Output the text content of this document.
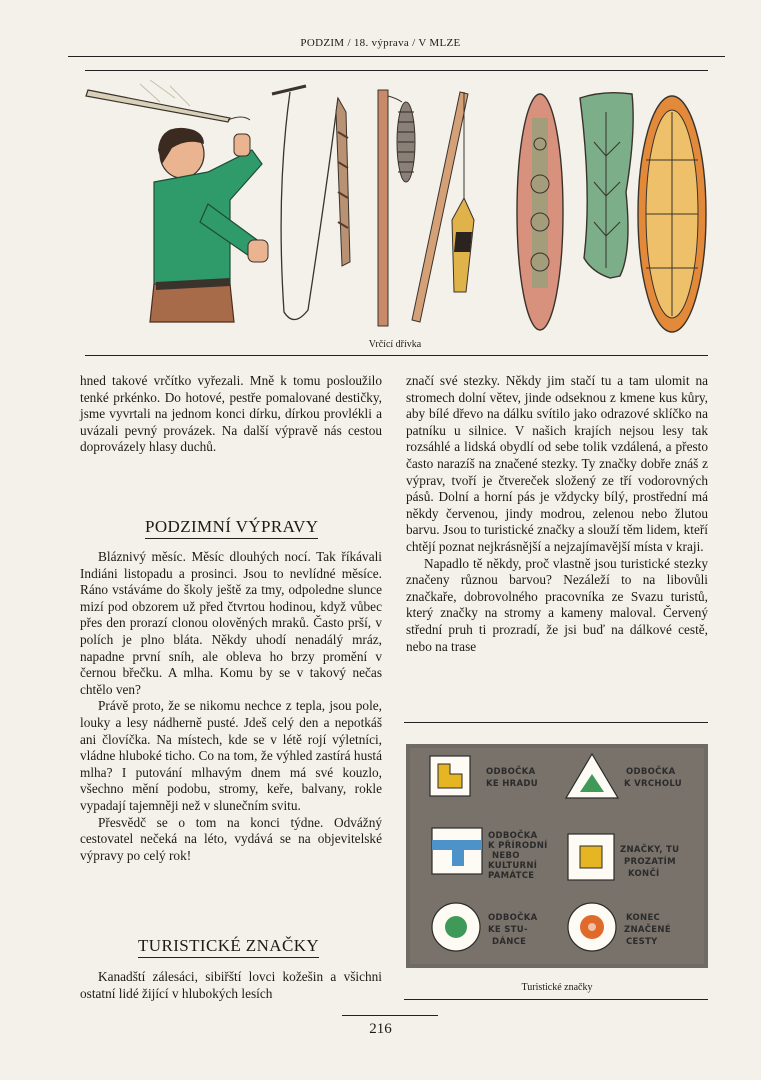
PODZIM / 18. výprava / V MLZE
Vrčící dřívka

hned takové vrčítko vyřezali. Mně k tomu posloužilo tenké prkénko. Do hotové, pestře pomalované destičky, jsme vyvrtali na jednom konci dírku, dírkou provlékli a uvázali pevný provázek. Na další výpravě nás cestou doprovázely hlasy duchů.

PODZIMNÍ VÝPRAVY

Bláznivý měsíc. Měsíc dlouhých nocí. Tak říkávali Indiáni listopadu a prosinci. Jsou to nevlídné měsíce. Ráno vstáváme do školy ještě za tmy, odpoledne slunce mizí pod obzorem už před čtvrtou hodinou, když vůbec přes den prorazí clonou olověných mraků. Často prší, v polích je plno bláta. Někdy uhodí nenadálý mráz, napadne první sníh, ale obleva ho brzy promění v černou břečku. A mlha. Komu by se v takový nečas chtělo ven?

Právě proto, že se nikomu nechce z tepla, jsou pole, louky a lesy nádherně pusté. Jdeš celý den a nepotkáš ani človíčka. Na místech, kde se v létě rojí výletníci, vládne hluboké ticho. Co na tom, že výhled zastírá hustá mlha? I putování mlhavým dnem má své kouzlo, všechno mění podobu, stromy, keře, balvany, rokle vypadají tajemněji než v slunečním svitu.

Přesvědč se o tom na konci týdne. Odvážný cestovatel nečeká na léto, vydává se na objevitelské výpravy po celý rok!

TURISTICKÉ ZNAČKY

Kanadští zálesáci, sibiřští lovci kožešin a všichni ostatní lidé žijící v hlubokých lesích

značí své stezky. Někdy jim stačí tu a tam ulomit na stromech dolní větev, jinde odseknou z kmene kus kůry, aby bílé dřevo na dálku svítilo jako odrazové sklíčko na patníku u silnice. V našich krajích nejsou lesy tak rozsáhlé a lidská obydlí od sebe tolik vzdálená, a přesto často narazíš na značené stezky. Ty značky dobře znáš z výprav, tvoří je čtvereček složený ze tří vodorovných pásů. Dolní a horní pás je vždycky bílý, prostřední má někdy červenou, jindy modrou, zelenou nebo žlutou barvu. Jsou to turistické značky a slouží těm lidem, kteří chtějí poznat nejkrásnější a nejzajímavější místa v kraji.

Napadlo tě někdy, proč vlastně jsou turistické stezky značeny různou barvou? Nezáleží to na libovůli značkaře, dobrovolného pracovníka ze Svazu turistů, který značky na stromy a kameny maloval. Červený střední pruh ti prozradí, že jsi buď na dálkové cestě, nebo na trase

ODBOČKA
KE HRADU
ODBOČKA
K VRCHOLU
ODBOČKA
K PŘÍRODNÍ
NEBO
KULTURNÍ
PAMÁTCE
ZNAČKY, TU
PROZATÍM
KONČÍ
ODBOČKA
KE STU-
DÁNCE
KONEC
ZNAČENÉ
CESTY
Turistické značky
216
